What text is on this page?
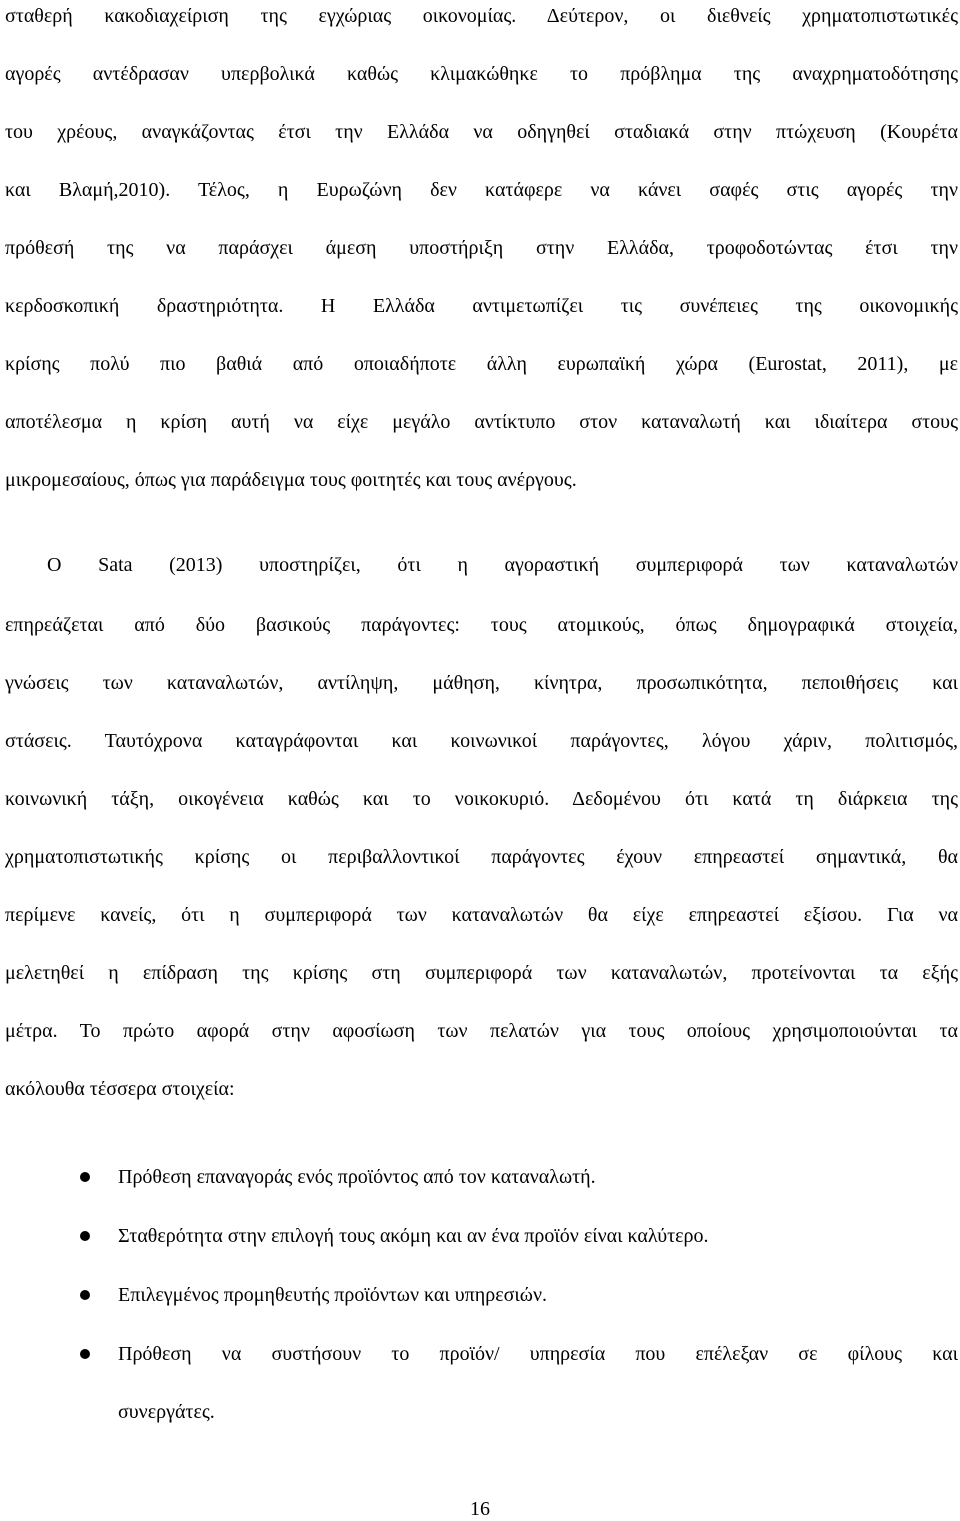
σταθερή κακοδιαχείριση της εγχώριας οικονομίας. Δεύτερον, οι διεθνείς χρηματοπιστωτικές
αγορές αντέδρασαν υπερβολικά καθώς κλιμακώθηκε το πρόβλημα της αναχρηματοδότησης
του χρέους, αναγκάζοντας έτσι την Ελλάδα να οδηγηθεί σταδιακά στην πτώχευση (Κουρέτα
και Βλαμή,2010). Τέλος, η Ευρωζώνη δεν κατάφερε να κάνει σαφές στις αγορές την
πρόθεσή της να παράσχει άμεση υποστήριξη στην Ελλάδα, τροφοδοτώντας έτσι την
κερδοσκοπική δραστηριότητα. Η Ελλάδα αντιμετωπίζει τις συνέπειες της οικονομικής
κρίσης πολύ πιο βαθιά από οποιαδήποτε άλλη ευρωπαϊκή χώρα (Eurostat, 2011), με
αποτέλεσμα η κρίση αυτή να είχε μεγάλο αντίκτυπο στον καταναλωτή και ιδιαίτερα στους
μικρομεσαίους, όπως για παράδειγμα τους φοιτητές και τους ανέργους.
Ο Sata (2013) υποστηρίζει, ότι η αγοραστική συμπεριφορά των καταναλωτών
επηρεάζεται από δύο βασικούς παράγοντες: τους ατομικούς, όπως δημογραφικά στοιχεία,
γνώσεις των καταναλωτών, αντίληψη, μάθηση, κίνητρα, προσωπικότητα, πεποιθήσεις και
στάσεις. Ταυτόχρονα καταγράφονται και κοινωνικοί παράγοντες, λόγου χάριν, πολιτισμός,
κοινωνική τάξη, οικογένεια καθώς και το νοικοκυριό. Δεδομένου ότι κατά τη διάρκεια της
χρηματοπιστωτικής κρίσης οι περιβαλλοντικοί παράγοντες έχουν επηρεαστεί σημαντικά, θα
περίμενε κανείς, ότι η συμπεριφορά των καταναλωτών θα είχε επηρεαστεί εξίσου. Για να
μελετηθεί η επίδραση της κρίσης στη συμπεριφορά των καταναλωτών, προτείνονται τα εξής
μέτρα. Το πρώτο αφορά στην αφοσίωση των πελατών για τους οποίους χρησιμοποιούνται τα
ακόλουθα τέσσερα στοιχεία:
Πρόθεση επαναγοράς ενός προϊόντος από τον καταναλωτή.
Σταθερότητα στην επιλογή τους ακόμη και αν ένα προϊόν είναι καλύτερο.
Επιλεγμένος προμηθευτής προϊόντων και υπηρεσιών.
Πρόθεση να συστήσουν το προϊόν/ υπηρεσία που επέλεξαν σε φίλους και
συνεργάτες.
16
